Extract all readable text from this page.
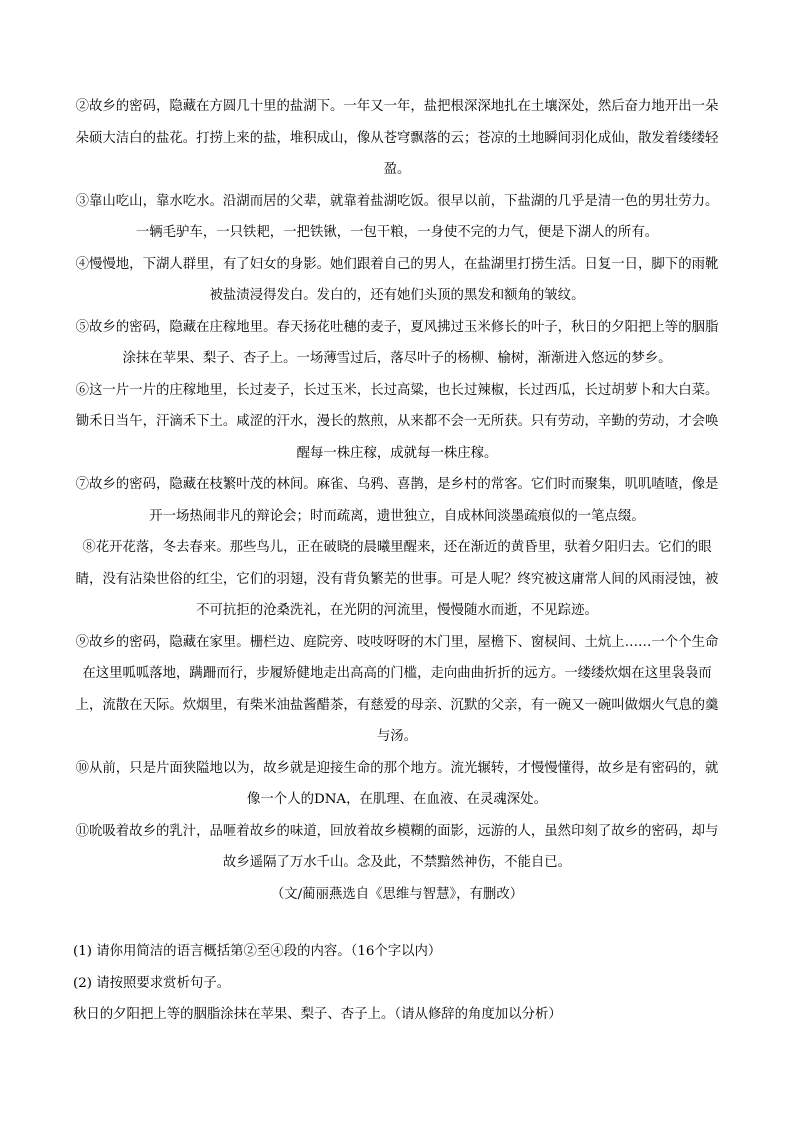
②故乡的密码，隐藏在方圆几十里的盐湖下。一年又一年，盐把根深深地扎在土壤深处，然后奋力地开出一朵朵硕大洁白的盐花。打捞上来的盐，堆积成山，像从苍穹飘落的云；苍凉的土地瞬间羽化成仙，散发着缕缕轻盈。

③靠山吃山，靠水吃水。沿湖而居的父辈，就靠着盐湖吃饭。很早以前，下盐湖的几乎是清一色的男壮劳力。一辆毛驴车，一只铁耙，一把铁锹，一包干粮，一身使不完的力气，便是下湖人的所有。

④慢慢地，下湖人群里，有了妇女的身影。她们跟着自己的男人，在盐湖里打捞生活。日复一日，脚下的雨靴被盐渍浸得发白。发白的，还有她们头顶的黑发和额角的皱纹。

⑤故乡的密码，隐藏在庄稼地里。春天扬花吐穗的麦子，夏风拂过玉米修长的叶子，秋日的夕阳把上等的胭脂涂抹在苹果、梨子、杏子上。一场薄雪过后，落尽叶子的杨柳、榆树，渐渐进入悠远的梦乡。

⑥这一片一片的庄稼地里，长过麦子，长过玉米，长过高粱，也长过辣椒，长过西瓜，长过胡萝卜和大白菜。锄禾日当午，汗滴禾下土。咸涩的汗水，漫长的熬煎，从来都不会一无所获。只有劳动，辛勤的劳动，才会唤醒每一株庄稼，成就每一株庄稼。

⑦故乡的密码，隐藏在枝繁叶茂的林间。麻雀、乌鸦、喜鹊，是乡村的常客。它们时而聚集，叽叽喳喳，像是开一场热闹非凡的辩论会；时而疏离，遗世独立，自成林间淡墨疏痕似的一笔点缀。

⑧花开花落，冬去春来。那些鸟儿，正在破晓的晨曦里醒来，还在渐近的黄昏里，驮着夕阳归去。它们的眼睛，没有沾染世俗的红尘，它们的羽翅，没有背负繁芜的世事。可是人呢？终究被这庸常人间的风雨浸蚀，被不可抗拒的沧桑洗礼，在光阴的河流里，慢慢随水而逝，不见踪迹。

⑨故乡的密码，隐藏在家里。栅栏边、庭院旁、吱吱呀呀的木门里，屋檐下、窗棂间、土炕上……一个个生命在这里呱呱落地，蹒跚而行，步履矫健地走出高高的门槛，走向曲曲折折的远方。一缕缕炊烟在这里袅袅而上，流散在天际。炊烟里，有柴米油盐酱醋茶，有慈爱的母亲、沉默的父亲，有一碗又一碗叫做烟火气息的羹与汤。

⑩从前，只是片面狭隘地以为，故乡就是迎接生命的那个地方。流光辗转，才慢慢懂得，故乡是有密码的，就像一个人的DNA，在肌理、在血液、在灵魂深处。

⑪吮吸着故乡的乳汁，品咂着故乡的味道，回放着故乡模糊的面影，远游的人，虽然印刻了故乡的密码，却与故乡遥隔了万水千山。念及此，不禁黯然神伤，不能自已。

（文/蔺丽燕选自《思维与智慧》，有删改）

(1) 请你用简洁的语言概括第②至④段的内容。（16个字以内）

(2) 请按照要求赏析句子。

秋日的夕阳把上等的胭脂涂抹在苹果、梨子、杏子上。（请从修辞的角度加以分析）
